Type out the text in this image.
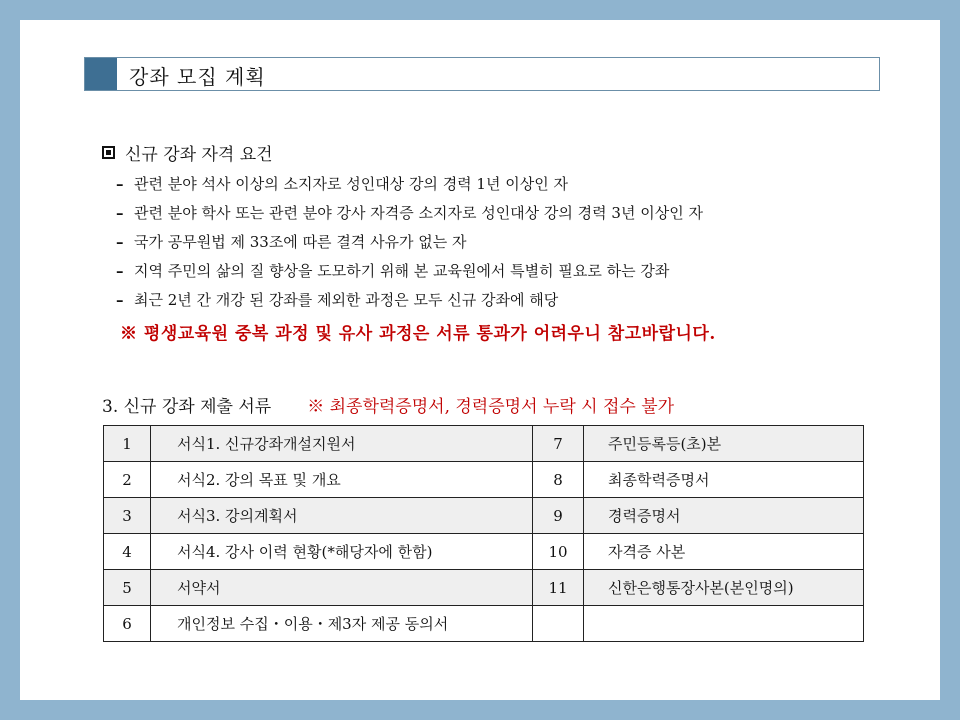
강좌 모집 계획
신규 강좌 자격 요건
– 관련 분야 석사 이상의 소지자로 성인대상 강의 경력 1년 이상인 자
– 관련 분야 학사 또는 관련 분야 강사 자격증 소지자로 성인대상 강의 경력 3년 이상인 자
– 국가 공무원법 제 33조에 따른 결격 사유가 없는 자
– 지역 주민의 삶의 질 향상을 도모하기 위해 본 교육원에서 특별히 필요로 하는 강좌
– 최근 2년 간 개강 된 강좌를 제외한 과정은 모두 신규 강좌에 해당
※ 평생교육원 중복 과정 및 유사 과정은 서류 통과가 어려우니 참고바랍니다.
3. 신규 강좌 제출 서류 ※ 최종학력증명서, 경력증명서 누락 시 접수 불가
1	서식1. 신규강좌개설지원서	7	주민등록등(초)본
2	서식2. 강의 목표 및 개요	8	최종학력증명서
3	서식3. 강의계획서	9	경력증명서
4	서식4. 강사 이력 현황(*해당자에 한함)	10	자격증 사본
5	서약서	11	신한은행통장사본(본인명의)
6	개인정보 수집・이용・제3자 제공 동의서		
